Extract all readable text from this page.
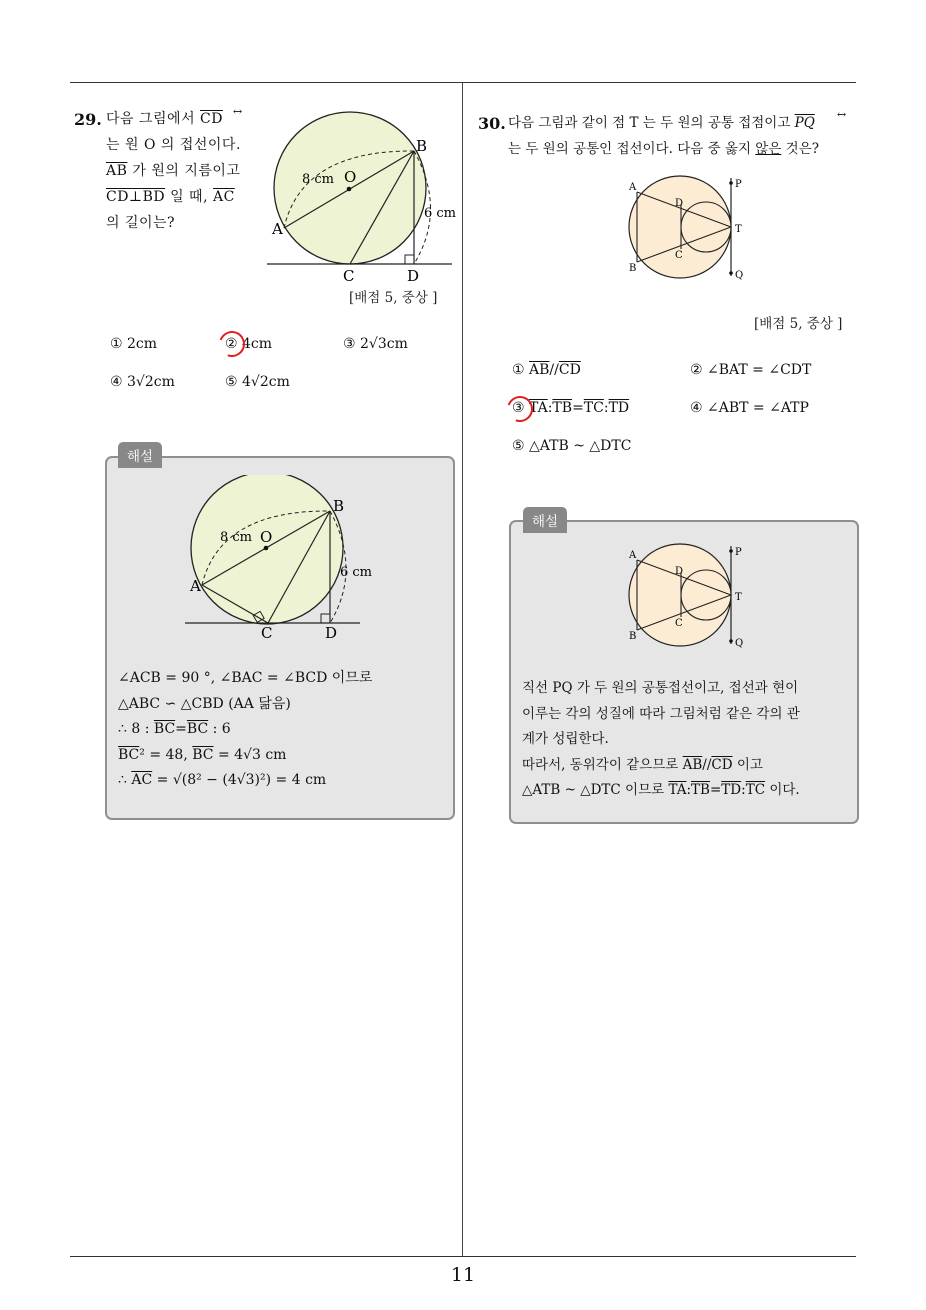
29. 다음 그림에서 $\overline{CD}$ ↔
는 원 O 의 접선이다.
$\overline{AB}$ 가 원의 지름이고
CD⊥BD 일 때, $\overline{AC}$
의 길이는?
O
8 cm
6 cm
A
B
C	D
[배점 5, 중상 ]
① 2cm	② 4cm	③ 2√3cm
④ 3√2cm	⑤ 4√2cm
해설
O
8 cm
6 cm
A
B
C	D
∠ACB = 90 °, ∠BAC = ∠BCD 이므로
△ABC ∽ △CBD (AA 닮음)
∴ 8 : $\overline{BC}=\overline{BC}$ : 6
$\overline{BC}^2 = 48$, $\overline{BC} = 4√3$ cm
∴ $\overline{AC} = √(8^2 - (4√3)^2) = 4$ cm
30. 다음 그림과 같이 점 T 는 두 원의 공통 접점이고 $\overline{PQ}$
↔
는 두 원의 공통인 접선이다. 다음 중 옳지 않은 것은?
A
B
C
D
P
Q
T
[배점 5, 중상 ]
① $\overline{AB}//\overline{CD}$	② ∠BAT = ∠CDT
③ $\overline{TA}:\overline{TB}=\overline{TC}:\overline{TD}$	④ ∠ABT = ∠ATP
⑤ △ATB ~ △DTC
해설
A
B
C
D
P
Q
T
직선 PQ 가 두 원의 공통접선이고, 접선과 현이
이루는 각의 성질에 따라 그림처럼 같은 각의 관
계가 성립한다.
따라서, 동위각이 같으므로 $\overline{AB}//\overline{CD}$ 이고
△ATB ~ △DTC 이므로 $\overline{TA}:\overline{TB}=\overline{TD}:\overline{TC}$ 이다.
11
